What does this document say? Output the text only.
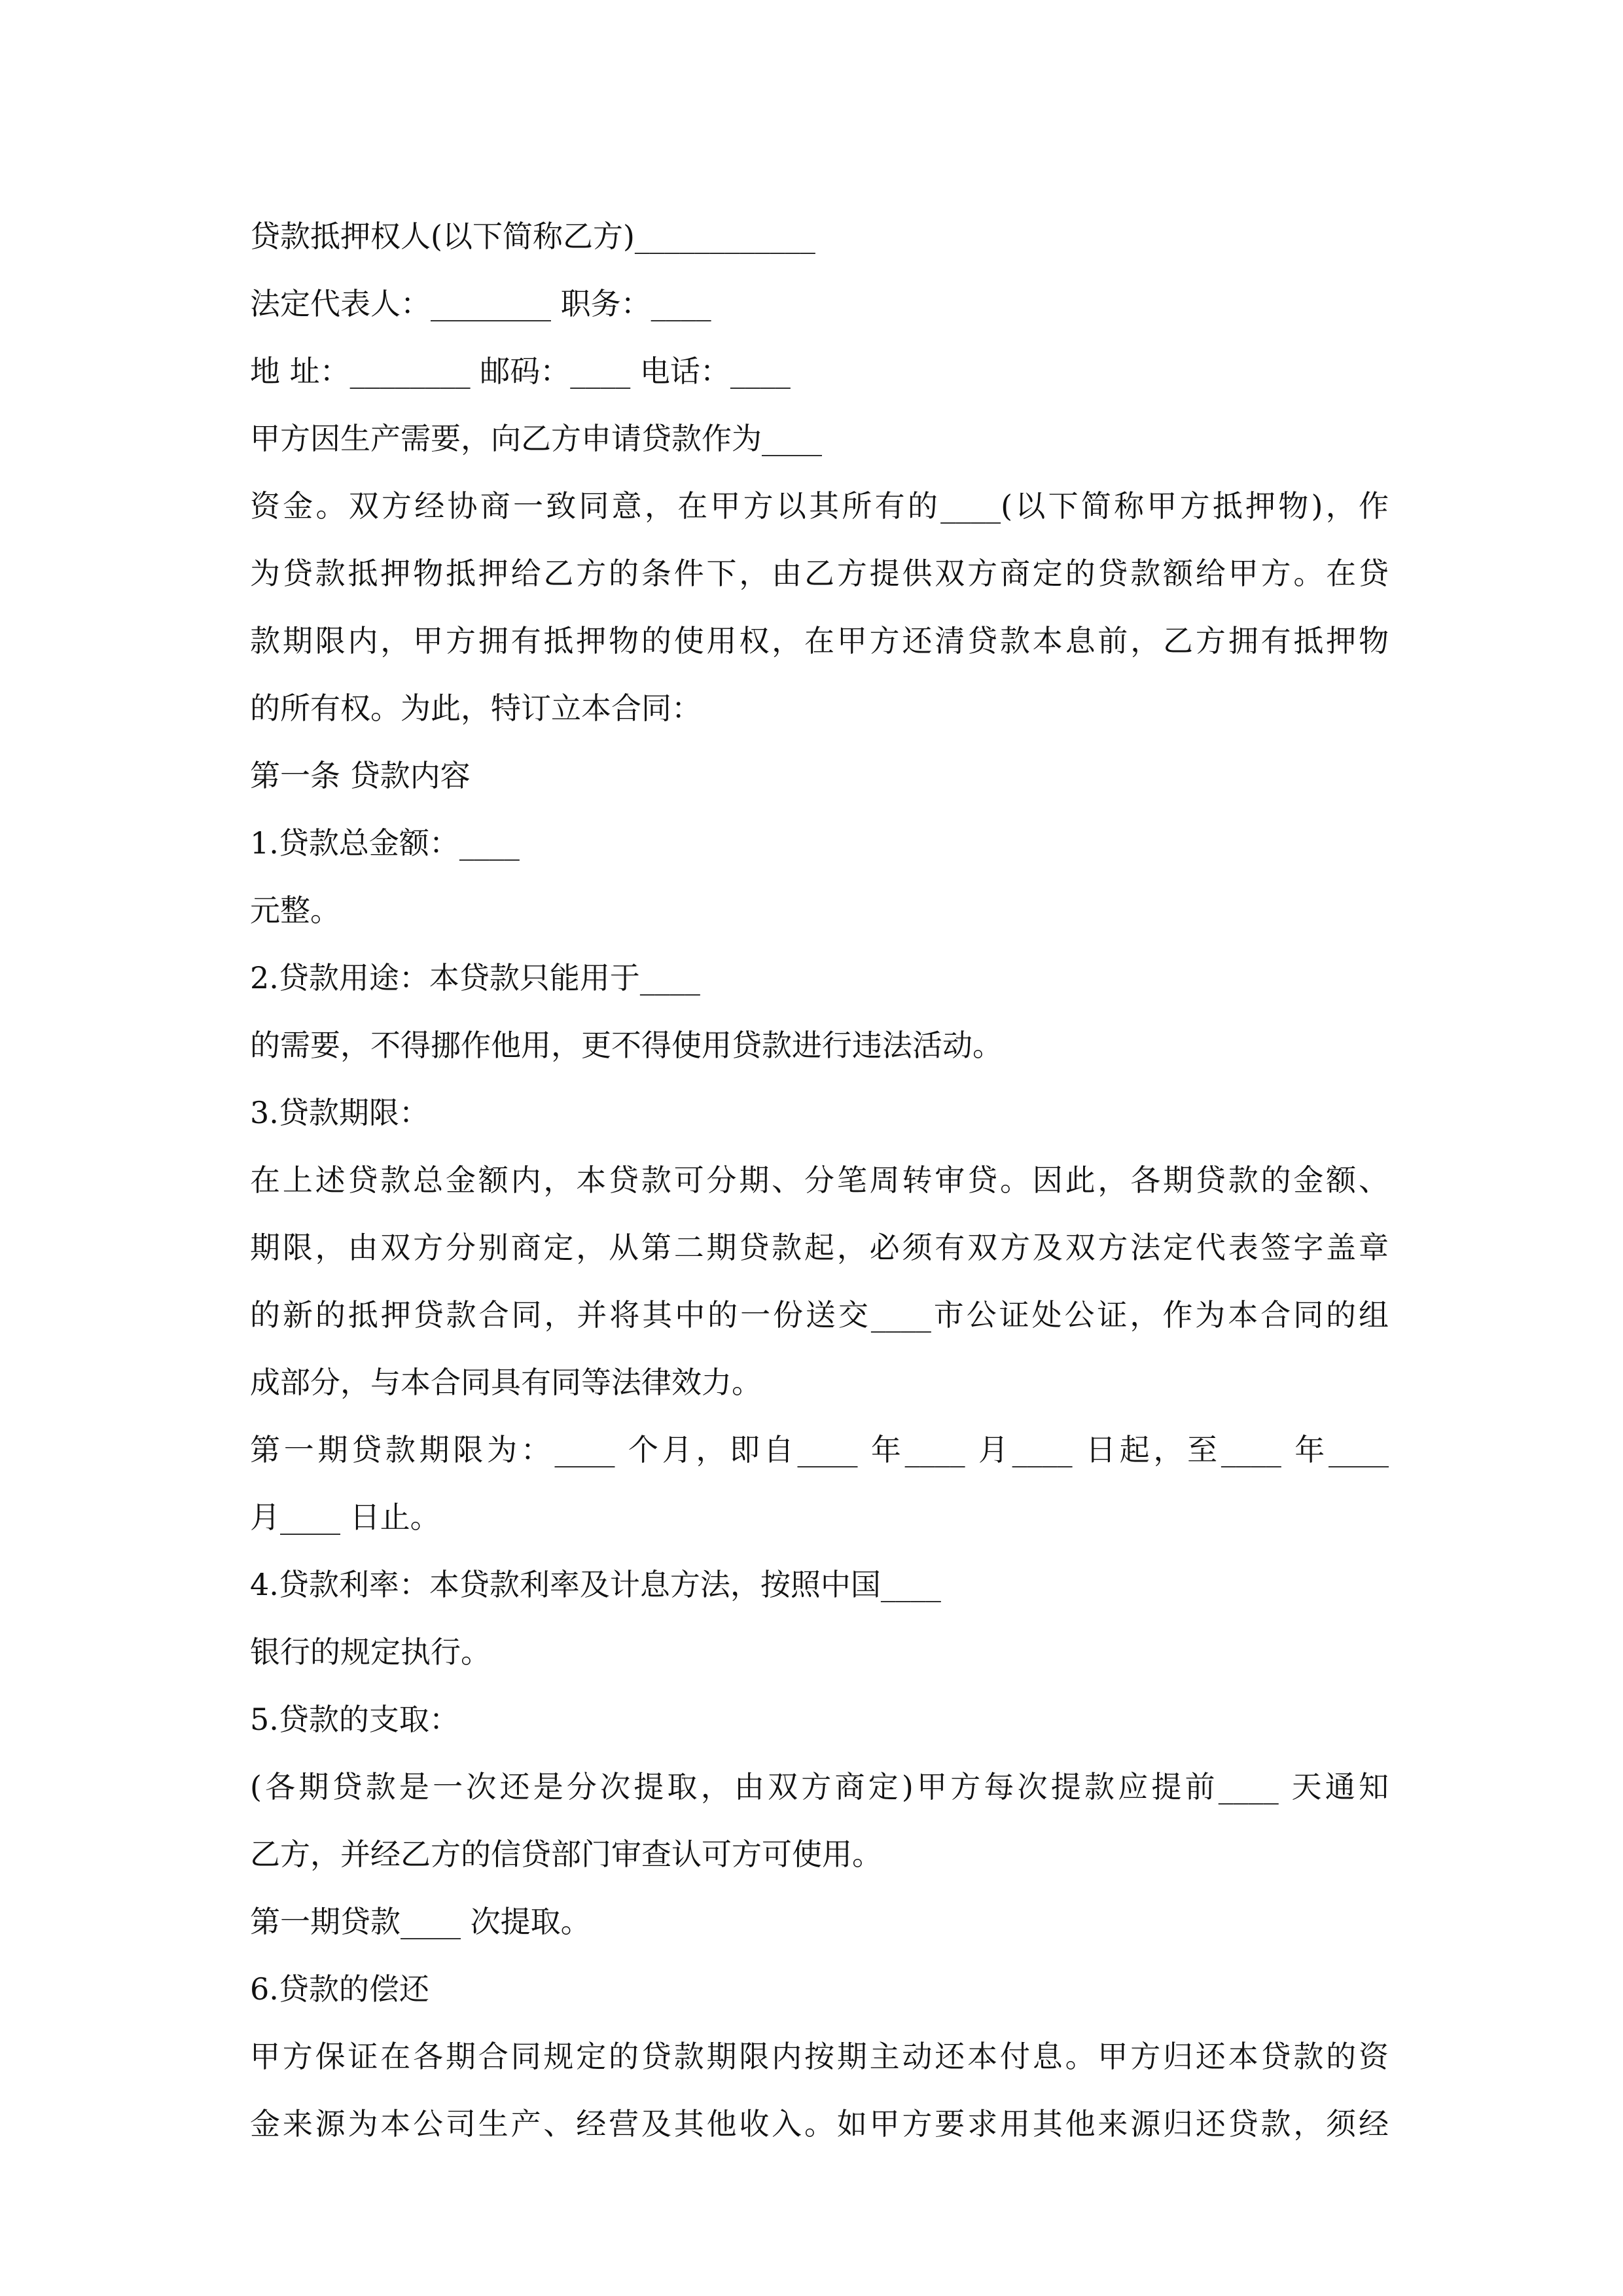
贷款抵押权人(以下简称乙方)____________

法定代表人：________ 职务：____

地 址：________ 邮码：____ 电话：____

甲方因生产需要，向乙方申请贷款作为____

资金。双方经协商一致同意，在甲方以其所有的____(以下简称甲方抵押物)，作

为贷款抵押物抵押给乙方的条件下，由乙方提供双方商定的贷款额给甲方。在贷

款期限内，甲方拥有抵押物的使用权，在甲方还清贷款本息前，乙方拥有抵押物

的所有权。为此，特订立本合同：

第一条 贷款内容

1.贷款总金额：____

元整。

2.贷款用途：本贷款只能用于____

的需要，不得挪作他用，更不得使用贷款进行违法活动。

3.贷款期限：

在上述贷款总金额内，本贷款可分期、分笔周转审贷。因此，各期贷款的金额、

期限，由双方分别商定，从第二期贷款起，必须有双方及双方法定代表签字盖章

的新的抵押贷款合同，并将其中的一份送交____市公证处公证，作为本合同的组

成部分，与本合同具有同等法律效力。

第一期贷款期限为：____ 个月，即自____ 年____ 月____ 日起，至____ 年____

月____ 日止。

4.贷款利率：本贷款利率及计息方法，按照中国____

银行的规定执行。

5.贷款的支取：

(各期贷款是一次还是分次提取，由双方商定)甲方每次提款应提前____ 天通知

乙方，并经乙方的信贷部门审查认可方可使用。

第一期贷款____ 次提取。

6.贷款的偿还

甲方保证在各期合同规定的贷款期限内按期主动还本付息。甲方归还本贷款的资

金来源为本公司生产、经营及其他收入。如甲方要求用其他来源归还贷款，须经
